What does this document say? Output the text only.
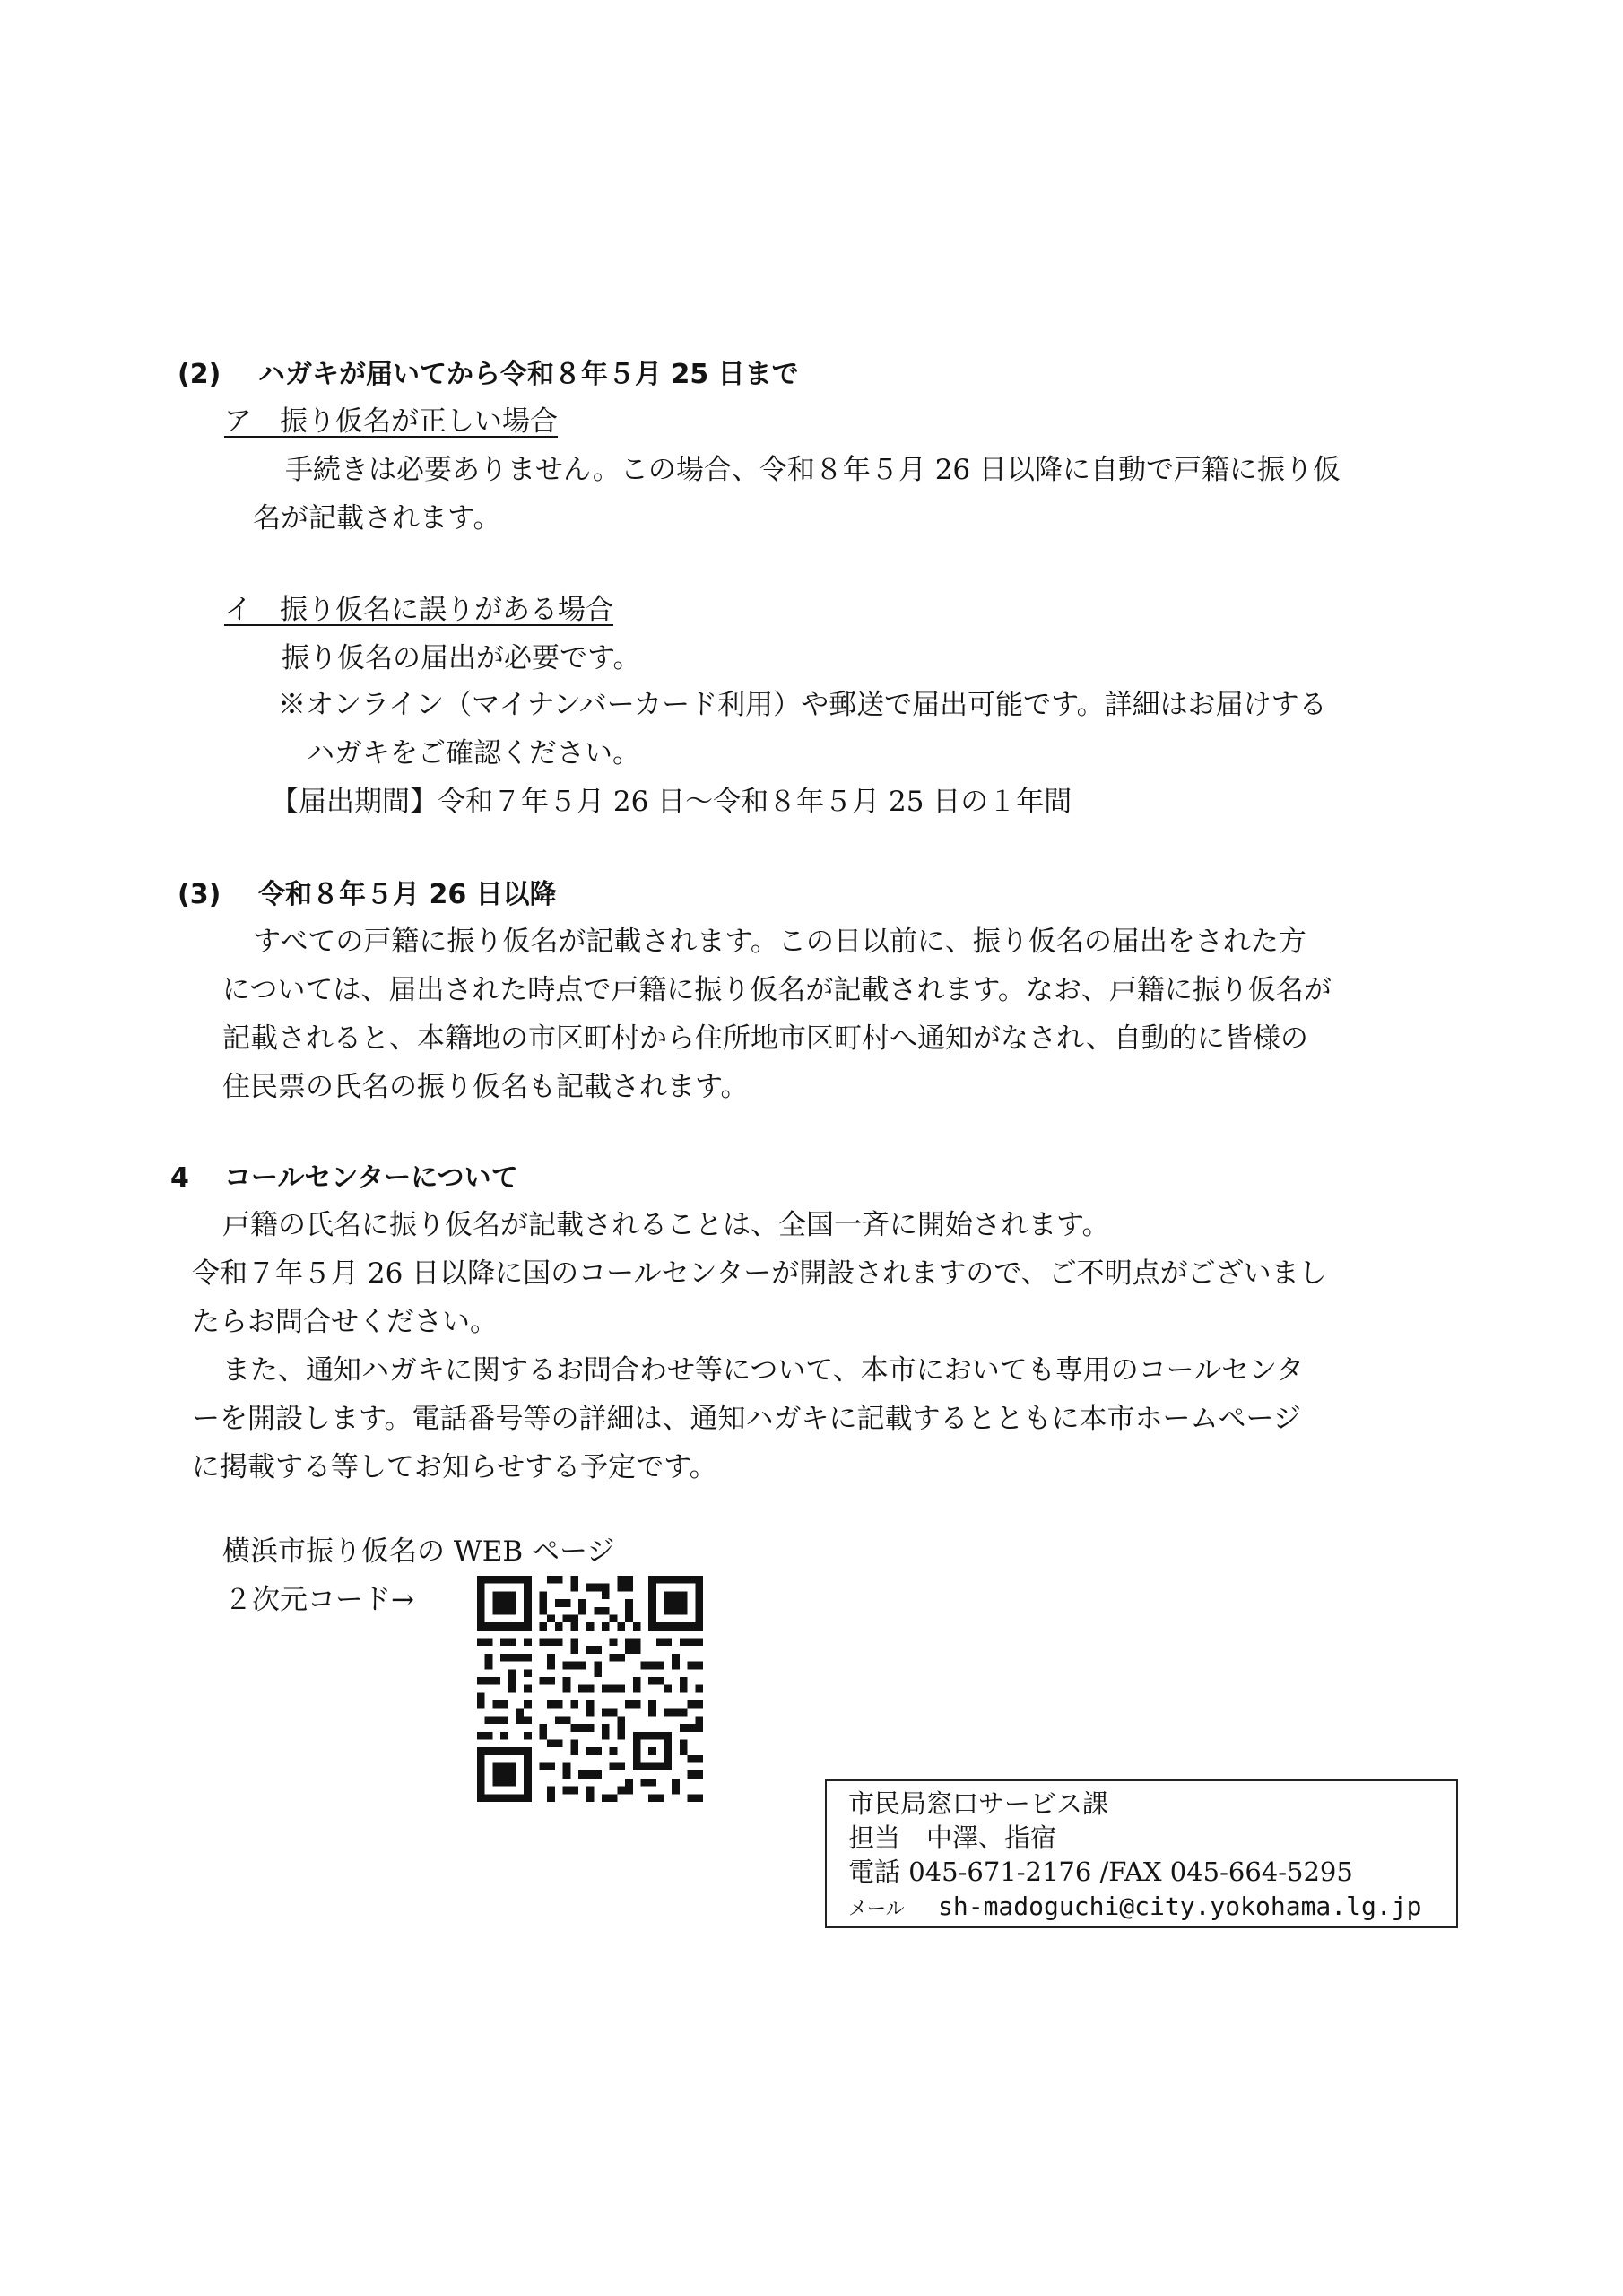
(2) ハガキが届いてから令和８年５月 25 日まで
ア　振り仮名が正しい場合
手続きは必要ありません。この場合、令和８年５月 26 日以降に自動で戸籍に振り仮
名が記載されます。
イ　振り仮名に誤りがある場合
振り仮名の届出が必要です。
※オンライン（マイナンバーカード利用）や郵送で届出可能です。詳細はお届けする
ハガキをご確認ください。
【届出期間】令和７年５月 26 日～令和８年５月 25 日の１年間
(3) 令和８年５月 26 日以降
すべての戸籍に振り仮名が記載されます。この日以前に、振り仮名の届出をされた方
については、届出された時点で戸籍に振り仮名が記載されます。なお、戸籍に振り仮名が
記載されると、本籍地の市区町村から住所地市区町村へ通知がなされ、自動的に皆様の
住民票の氏名の振り仮名も記載されます。
4 コールセンターについて
戸籍の氏名に振り仮名が記載されることは、全国一斉に開始されます。
令和７年５月 26 日以降に国のコールセンターが開設されますので、ご不明点がございまし
たらお問合せください。
また、通知ハガキに関するお問合わせ等について、本市においても専用のコールセンタ
ーを開設します。電話番号等の詳細は、通知ハガキに記載するとともに本市ホームページ
に掲載する等してお知らせする予定です。
横浜市振り仮名の WEB ページ
２次元コード→
市民局窓口サービス課
担当　中澤、指宿
電話 045-671-2176 /FAX 045-664-5295
メール sh-madoguchi@city.yokohama.lg.jp
